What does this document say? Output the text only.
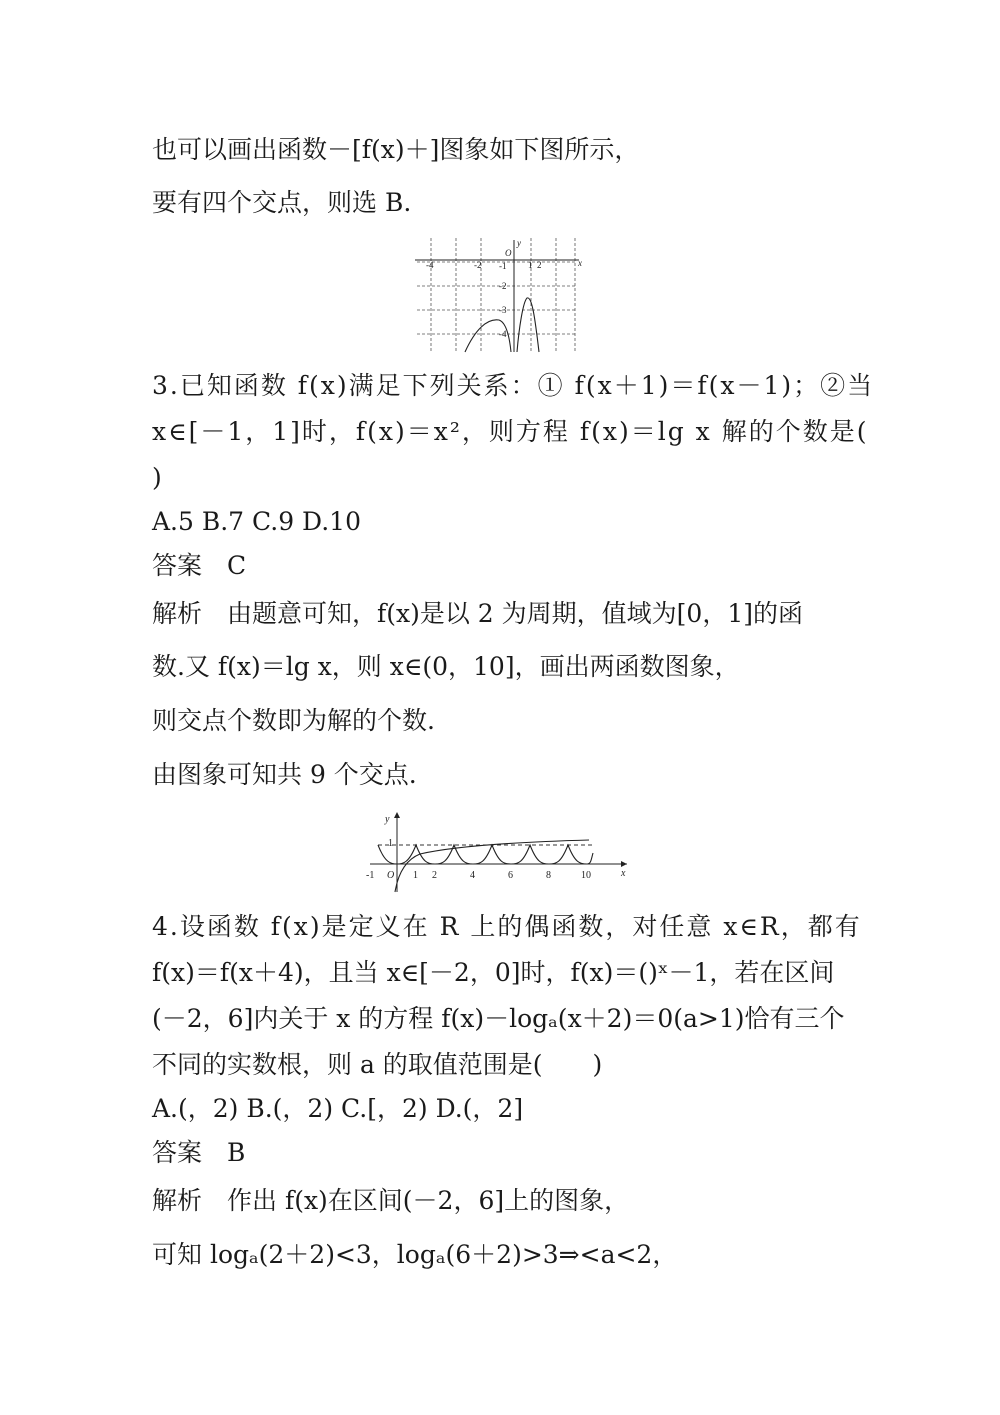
也可以画出函数－[f(x)＋]图象如下图所示，
要有四个交点，则选 B.
x
y
O
-4	-2	1 2
-1
-2
-3
-4
3.已知函数 f(x)满足下列关系：① f(x＋1)＝f(x－1)；②当
x∈[－1，1]时，f(x)＝x²，则方程 f(x)＝lg x 解的个数是(
)
A.5 B.7 C.9 D.10
答案　C
解析　由题意可知，f(x)是以 2 为周期，值域为[0，1]的函
数.又 f(x)＝lg x，则 x∈(0，10]，画出两函数图象，
则交点个数即为解的个数.
由图象可知共 9 个交点.
y
x
1
O
-1	1 2	4	6	8	10
4.设函数 f(x)是定义在 R 上的偶函数，对任意 x∈R，都有
f(x)＝f(x＋4)，且当 x∈[－2，0]时，f(x)＝()ˣ－1，若在区间
(－2，6]内关于 x 的方程 f(x)－logₐ(x＋2)＝0(a>1)恰有三个
不同的实数根，则 a 的取值范围是(　　)
A.(，2) B.(，2) C.[，2) D.(，2]
答案　B
解析　作出 f(x)在区间(－2，6]上的图象，
可知 logₐ(2＋2)<3，logₐ(6＋2)>3⇒<a<2，
